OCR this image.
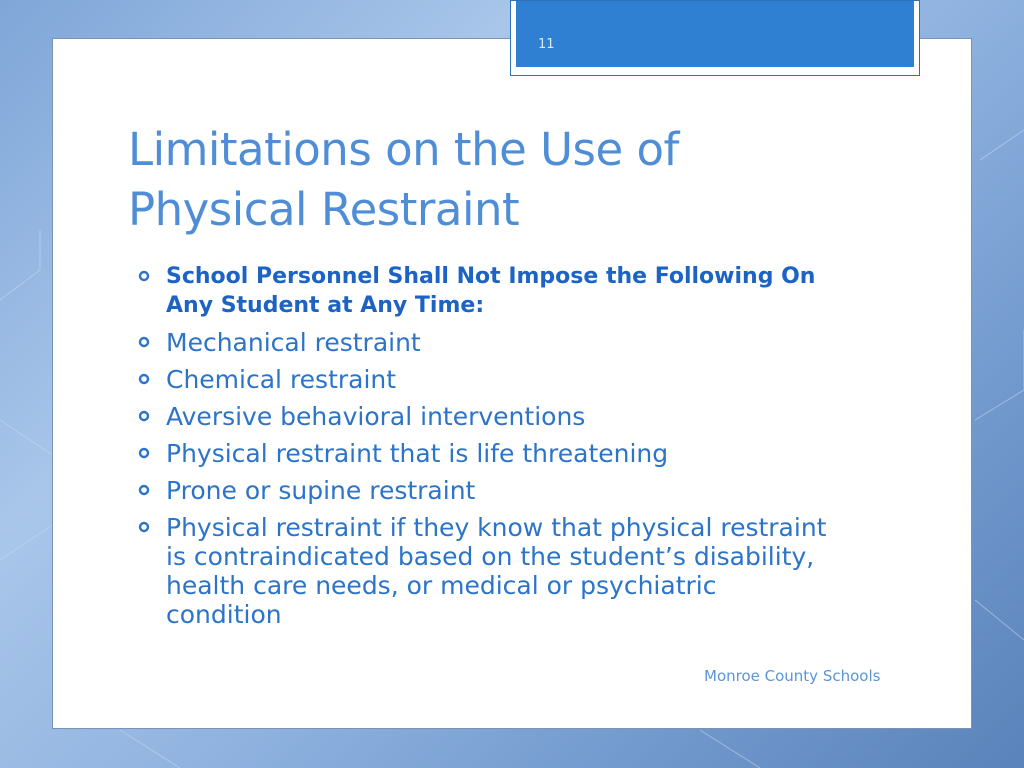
11
Limitations on the Use of
Physical Restraint
School Personnel Shall Not Impose the Following On Any Student at Any Time:
Mechanical restraint
Chemical restraint
Aversive behavioral interventions
Physical restraint that is life threatening
Prone or supine restraint
Physical restraint if they know that physical restraint is contraindicated based on the student’s disability, health care needs, or medical or psychiatric condition
Monroe County Schools
